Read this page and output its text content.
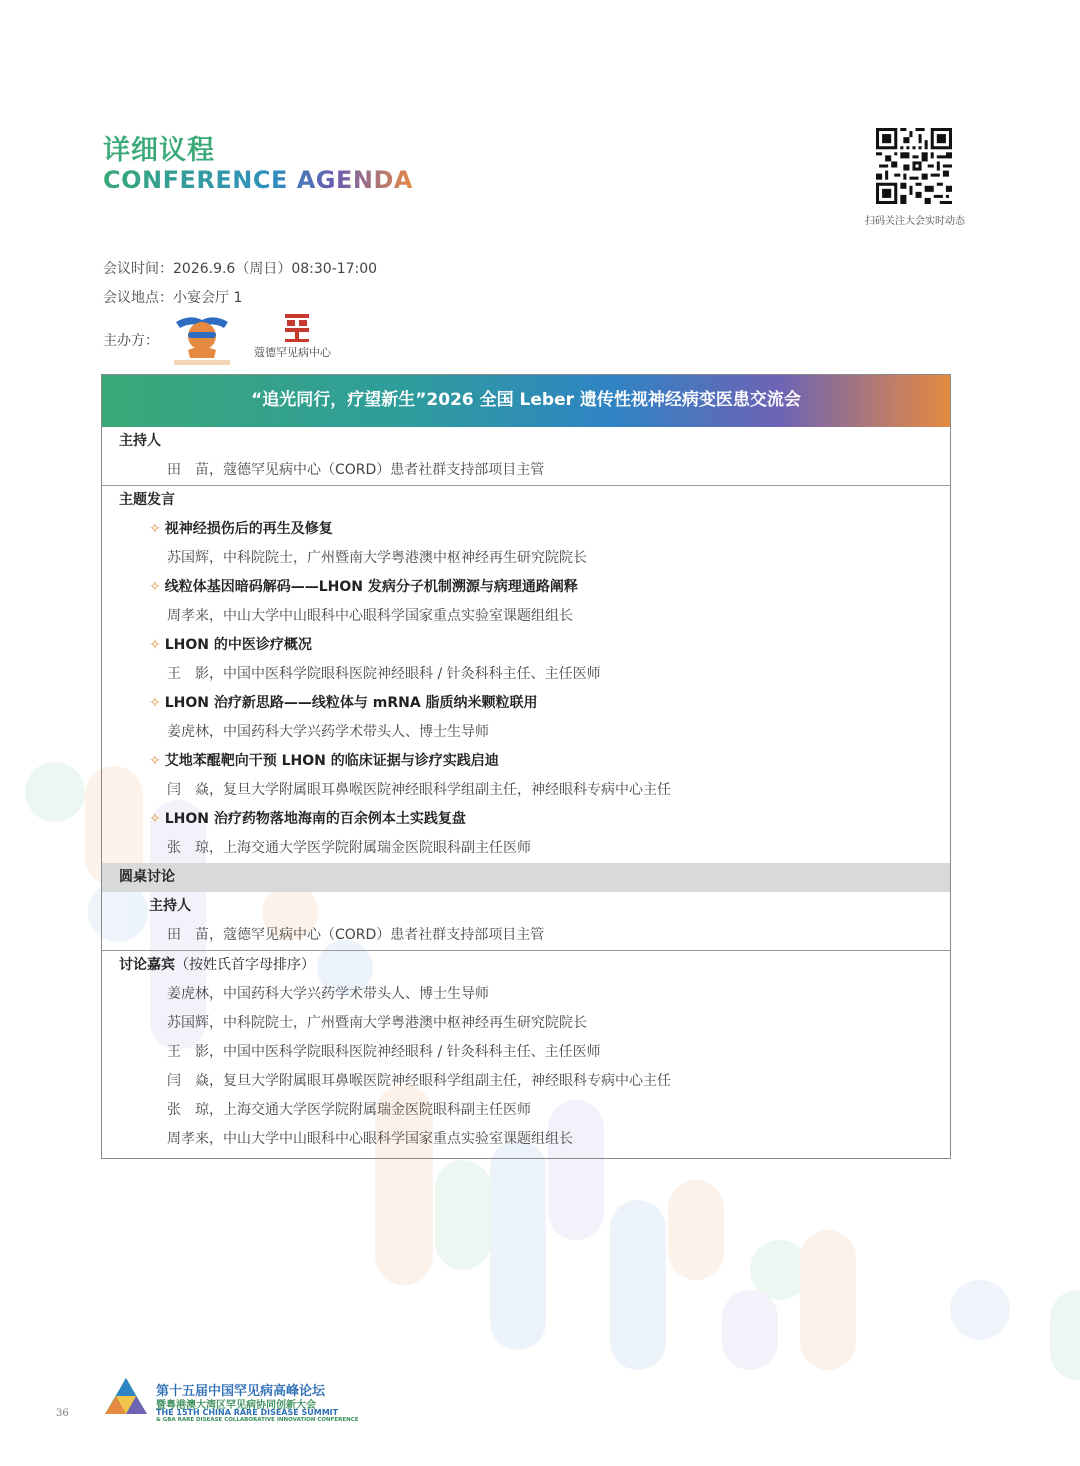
详细议程
CONFERENCE AGENDA
扫码关注大会实时动态
会议时间：2026.9.6（周日）08:30-17:00
会议地点：小宴会厅 1
主办方：
蔻德罕见病中心
“追光同行，疗望新生”2026 全国 Leber 遗传性视神经病变医患交流会
主持人
田　苗，蔻德罕见病中心（CORD）患者社群支持部项目主管
主题发言
✧ 视神经损伤后的再生及修复
苏国辉，中科院院士，广州暨南大学粤港澳中枢神经再生研究院院长
✧ 线粒体基因暗码解码——LHON 发病分子机制溯源与病理通路阐释
周孝来，中山大学中山眼科中心眼科学国家重点实验室课题组组长
✧ LHON 的中医诊疗概况
王　影，中国中医科学院眼科医院神经眼科 / 针灸科科主任、主任医师
✧ LHON 治疗新思路——线粒体与 mRNA 脂质纳米颗粒联用
姜虎林，中国药科大学兴药学术带头人、博士生导师
✧ 艾地苯醌靶向干预 LHON 的临床证据与诊疗实践启迪
闫　焱，复旦大学附属眼耳鼻喉医院神经眼科学组副主任，神经眼科专病中心主任
✧ LHON 治疗药物落地海南的百余例本土实践复盘
张　琼，上海交通大学医学院附属瑞金医院眼科副主任医师
圆桌讨论
主持人
田　苗，蔻德罕见病中心（CORD）患者社群支持部项目主管
讨论嘉宾（按姓氏首字母排序）
姜虎林，中国药科大学兴药学术带头人、博士生导师
苏国辉，中科院院士，广州暨南大学粤港澳中枢神经再生研究院院长
王　影，中国中医科学院眼科医院神经眼科 / 针灸科科主任、主任医师
闫　焱，复旦大学附属眼耳鼻喉医院神经眼科学组副主任，神经眼科专病中心主任
张　琼，上海交通大学医学院附属瑞金医院眼科副主任医师
周孝来，中山大学中山眼科中心眼科学国家重点实验室课题组组长
第十五届中国罕见病高峰论坛
暨粤港澳大湾区罕见病协同创新大会
THE 15TH CHINA RARE DISEASE SUMMIT
& GBA RARE DISEASE COLLABORATIVE INNOVATION CONFERENCE
36
